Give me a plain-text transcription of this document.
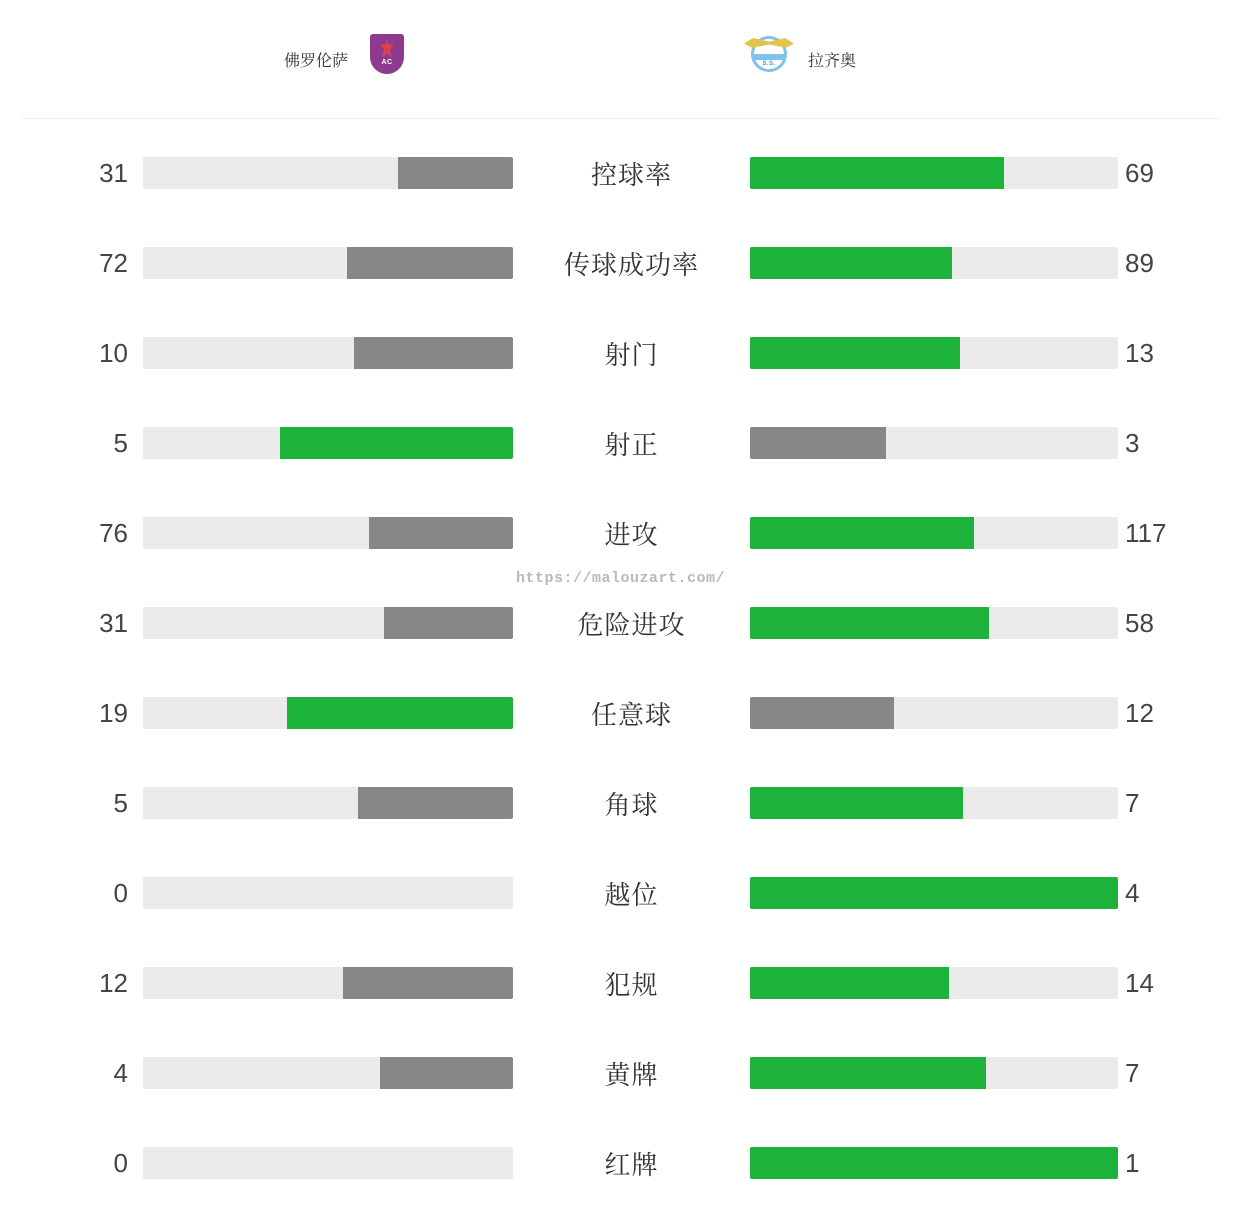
佛罗伦萨	AC	S.S.	拉齐奥
31	控球率	69
72	传球成功率	89
10	射门	13
5	射正	3
76	进攻	117
31	危险进攻	58
19	任意球	12
5	角球	7
0	越位	4
12	犯规	14
4	黄牌	7
0	红牌	1
https://malouzart.com/
